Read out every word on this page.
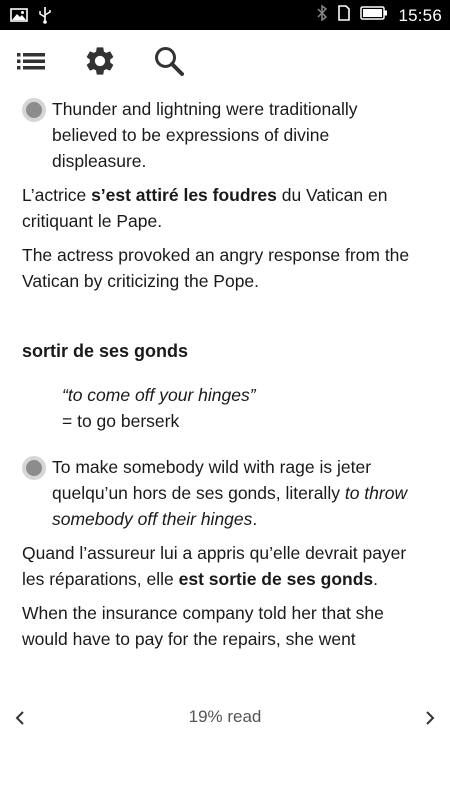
15:56
Thunder and lightning were traditionally believed to be expressions of divine displeasure.

L’actrice s’est attiré les foudres du Vatican en critiquant le Pape.

The actress provoked an angry response from the Vatican by criticizing the Pope.

sortir de ses gonds
“to come off your hinges”
= to go berserk
To make somebody wild with rage is jeter quelqu’un hors de ses gonds, literally to throw somebody off their hinges.

Quand l’assureur lui a appris qu’elle devrait payer les réparations, elle est sortie de ses gonds.

When the insurance company told her that she would have to pay for the repairs, she went

19% read
